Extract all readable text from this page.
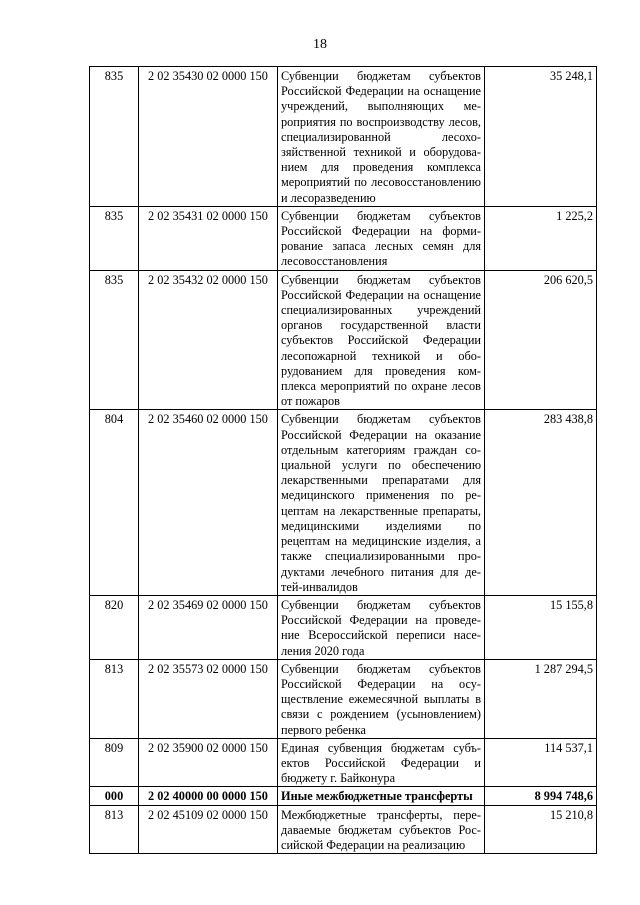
18
835	2 02 35430 02 0000 150	Субвенции бюджетам субъектов Российской Федерации на оснащение учреждений, выполняющих мероприятия по воспроизводству лесов, специализированной лесохозяйственной техникой и оборудованием для проведения комплекса мероприятий по лесовосстановлению и лесоразведению	35 248,1
835	2 02 35431 02 0000 150	Субвенции бюджетам субъектов Российской Федерации на формирование запаса лесных семян для лесовосстановления	1 225,2
835	2 02 35432 02 0000 150	Субвенции бюджетам субъектов Российской Федерации на оснащение специализированных учреждений органов государственной власти субъектов Российской Федерации лесопожарной техникой и оборудованием для проведения комплекса мероприятий по охране лесов от пожаров	206 620,5
804	2 02 35460 02 0000 150	Субвенции бюджетам субъектов Российской Федерации на оказание отдельным категориям граждан социальной услуги по обеспечению лекарственными препаратами для медицинского применения по рецептам на лекарственные препараты, медицинскими изделиями по рецептам на медицинские изделия, а также специализированными продуктами лечебного питания для детей-инвалидов	283 438,8
820	2 02 35469 02 0000 150	Субвенции бюджетам субъектов Российской Федерации на проведение Всероссийской переписи населения 2020 года	15 155,8
813	2 02 35573 02 0000 150	Субвенции бюджетам субъектов Российской Федерации на осуществление ежемесячной выплаты в связи с рождением (усыновлением) первого ребенка	1 287 294,5
809	2 02 35900 02 0000 150	Единая субвенция бюджетам субъектов Российской Федерации и бюджету г. Байконура	114 537,1
000	2 02 40000 00 0000 150	Иные межбюджетные трансферты	8 994 748,6
813	2 02 45109 02 0000 150	Межбюджетные трансферты, передаваемые бюджетам субъектов Российской Федерации на реализацию	15 210,8
